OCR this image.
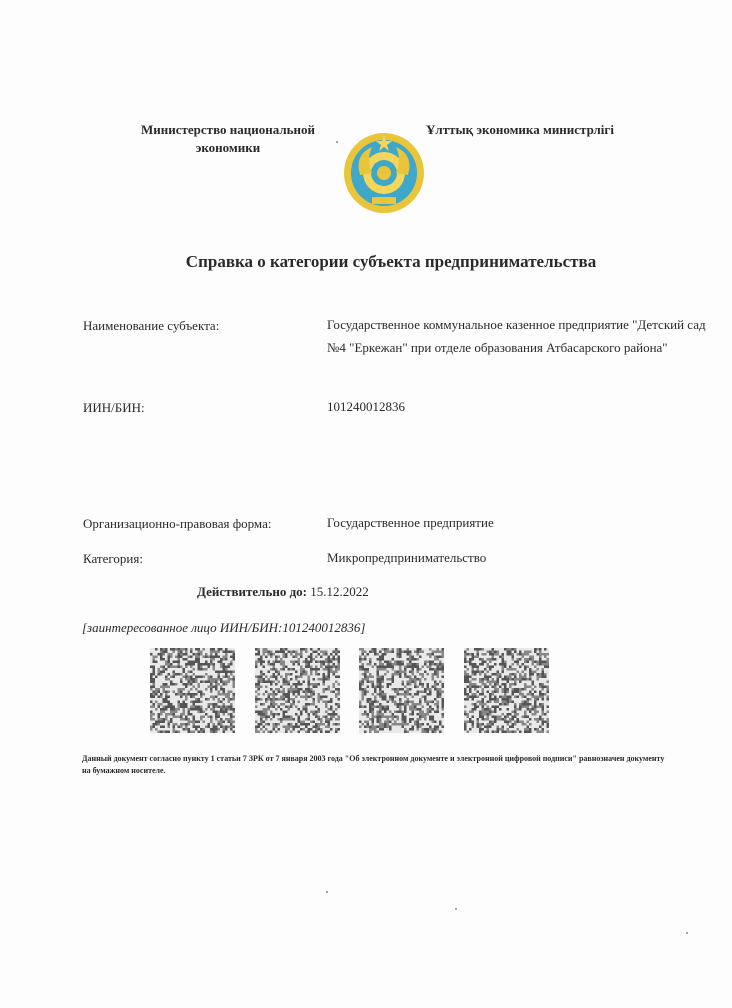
Министерство национальной экономики
Ұлттық экономика министрлігі
Справка о категории субъекта предпринимательства
Наименование субъекта:	Государственное коммунальное казенное предприятие "Детский сад №4 "Еркежан" при отделе образования Атбасарского района"
ИИН/БИН:	101240012836
Организационно-правовая форма:	Государственное предприятие
Категория:	Микропредпринимательство
Действительно до: 15.12.2022
[заинтересованное лицо ИИН/БИН:101240012836]
Данный документ согласно пункту 1 статьи 7 ЗРК от 7 января 2003 года "Об электронном документе и электронной цифровой подписи" равнозначен документу на бумажном носителе.
